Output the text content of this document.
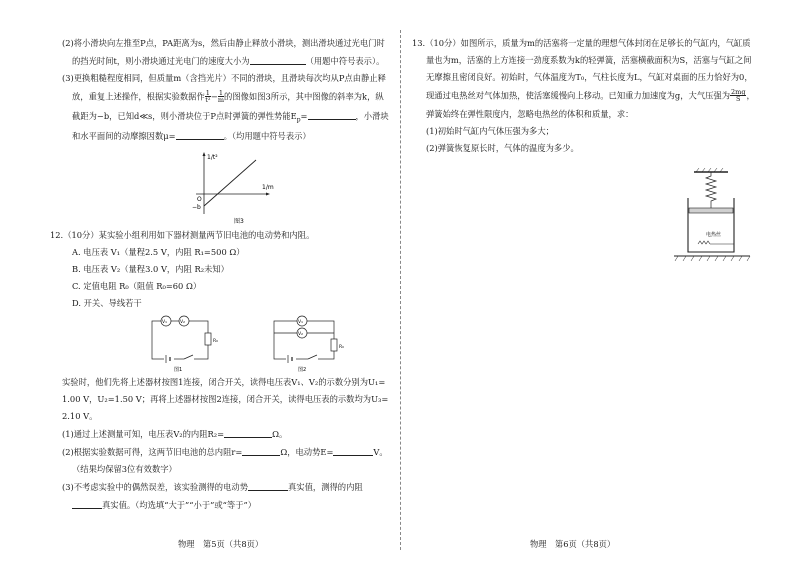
(2)将小滑块向左推至P点，PA距离为s，然后由静止释放小滑块，测出滑块通过光电门时
的挡光时间t，则小滑块通过光电门的速度大小为	（用题中符号表示）。
(3)更换粗糙程度相同，但质量m（含挡光片）不同的滑块，且滑块每次均从P点由静止释
放，重复上述操作，根据实验数据作 $\frac{1}{\text{t²}} - \frac{1}{m}$ 的图像如图3所示，其中图像的斜率为k，纵
截距为−b，已知d≪s，则小滑块位于P点时弹簧的弹性势能$E_p=$	，小滑块
和水平面间的动摩擦因数μ=	。（均用题中符号表示）
1/t²
1/m
O
−b
图3
12.（10分）某实验小组利用如下器材测量两节旧电池的电动势和内阻。
A. 电压表 V₁（量程2.5 V，内阻 R₁=500 Ω）
B. 电压表 V₂（量程3.0 V，内阻 R₂未知）
C. 定值电阻 R₀（阻值 R₀=60 Ω）
D. 开关、导线若干
V₁	V₂
R₀
图1
V₁
V₂
R₀
图2
实验时，他们先将上述器材按图1连接，闭合开关，读得电压表V₁、V₂的示数分别为U₁=
1.00 V，U₂=1.50 V；再将上述器材按图2连接，闭合开关，读得电压表的示数均为U₃=
2.10 V。
(1)通过上述测量可知，电压表V₂的内阻R₂=	Ω。
(2)根据实验数据可得，这两节旧电池的总内阻r=	Ω，电动势E=	V。
（结果均保留3位有效数字）
(3)不考虑实验中的偶然误差，该实验测得的电动势	真实值，测得的内阻
真实值。（均选填“大于”“小于”或“等于”）
物理　第5页（共8页）
13.（10分）如图所示，质量为m的活塞将一定量的理想气体封闭在足够长的气缸内，气缸质
量也为m，活塞的上方连接一劲度系数为k的轻弹簧，活塞横截面积为S，活塞与气缸之间
无摩擦且密闭良好。初始时，气体温度为T₀，气柱长度为L，气缸对桌面的压力恰好为0，
现通过电热丝对气体加热，使活塞缓慢向上移动。已知重力加速度为g，大气压强为 $\frac{2mg}{S}$ ，
弹簧始终在弹性限度内，忽略电热丝的体积和质量，求：
(1)初始时气缸内气体压强为多大；
(2)弹簧恢复原长时，气体的温度为多少。
电热丝
物理　第6页（共8页）
